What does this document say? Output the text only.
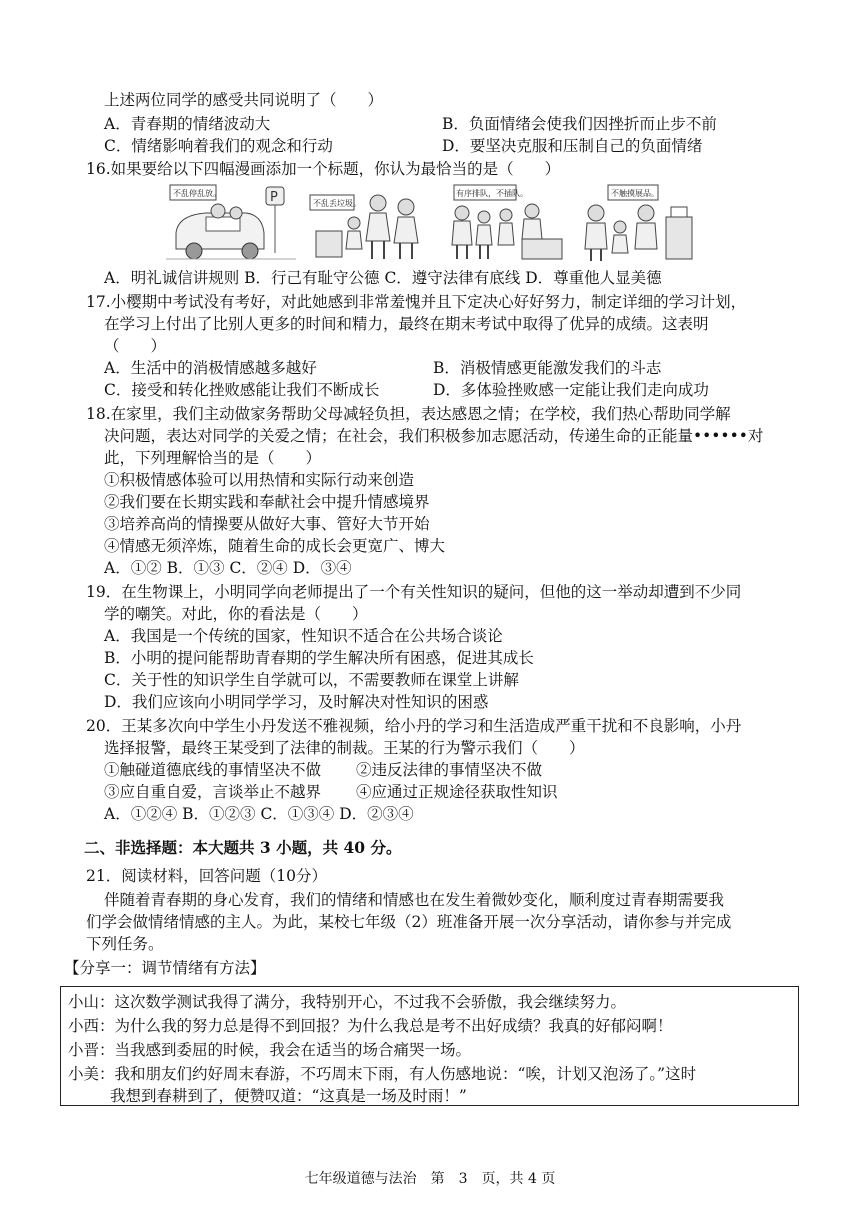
上述两位同学的感受共同说明了（　　）
A．青春期的情绪波动大	B．负面情绪会使我们因挫折而止步不前
C．情绪影响着我们的观念和行动	D．要坚决克服和压制自己的负面情绪
16.如果要给以下四幅漫画添加一个标题，你认为最恰当的是（　　）
不乱停乱放。	P	不乱丢垃圾。
有序排队，不插队。	不触摸展品。
A．明礼诚信讲规则 B．行己有耻守公德 C．遵守法律有底线 D．尊重他人显美德
17.小樱期中考试没有考好，对此她感到非常羞愧并且下定决心好好努力，制定详细的学习计划，
在学习上付出了比别人更多的时间和精力，最终在期末考试中取得了优异的成绩。这表明
（　　）
A．生活中的消极情感越多越好	B．消极情感更能激发我们的斗志
C．接受和转化挫败感能让我们不断成长	D．多体验挫败感一定能让我们走向成功
18.在家里，我们主动做家务帮助父母减轻负担，表达感恩之情；在学校，我们热心帮助同学解
决问题，表达对同学的关爱之情；在社会，我们积极参加志愿活动，传递生命的正能量••••••对
此，下列理解恰当的是（　　）
①积极情感体验可以用热情和实际行动来创造
②我们要在长期实践和奉献社会中提升情感境界
③培养高尚的情操要从做好大事、管好大节开始
④情感无须淬炼，随着生命的成长会更宽广、博大
A．①② B．①③ C．②④ D．③④
19．在生物课上，小明同学向老师提出了一个有关性知识的疑问，但他的这一举动却遭到不少同
学的嘲笑。对此，你的看法是（　　）
A．我国是一个传统的国家，性知识不适合在公共场合谈论
B．小明的提问能帮助青春期的学生解决所有困惑，促进其成长
C．关于性的知识学生自学就可以，不需要教师在课堂上讲解
D．我们应该向小明同学学习，及时解决对性知识的困惑
20．王某多次向中学生小丹发送不雅视频，给小丹的学习和生活造成严重干扰和不良影响，小丹
选择报警，最终王某受到了法律的制裁。王某的行为警示我们（　　）
①触碰道德底线的事情坚决不做 ②违反法律的事情坚决不做
③应自重自爱，言谈举止不越界 ④应通过正规途径获取性知识
A．①②④ B．①②③ C．①③④ D．②③④
二、非选择题：本大题共 3 小题，共 40 分。
21．阅读材料，回答问题（10分）
伴随着青春期的身心发育，我们的情绪和情感也在发生着微妙变化，顺利度过青春期需要我
们学会做情绪情感的主人。为此，某校七年级（2）班准备开展一次分享活动，请你参与并完成
下列任务。
【分享一：调节情绪有方法】
小山：这次数学测试我得了满分，我特别开心，不过我不会骄傲，我会继续努力。
小西：为什么我的努力总是得不到回报？为什么我总是考不出好成绩？我真的好郁闷啊！
小晋：当我感到委屈的时候，我会在适当的场合痛哭一场。
小美：我和朋友们约好周末春游，不巧周末下雨，有人伤感地说：“唉，计划又泡汤了。”这时
我想到春耕到了，便赞叹道：“这真是一场及时雨！”
七年级道德与法治　第　3　页，共 4 页
